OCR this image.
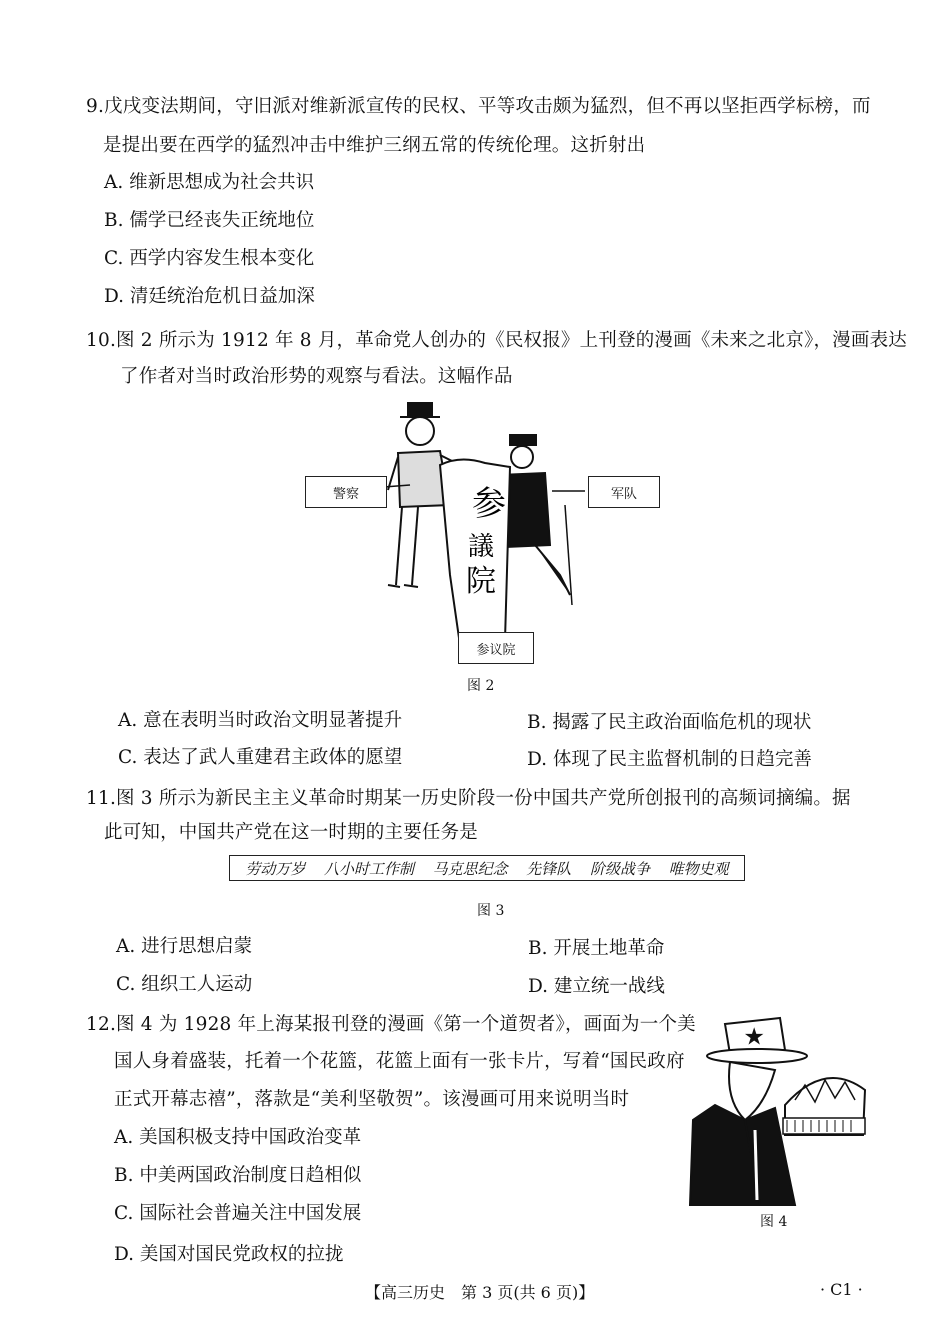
9.戊戌变法期间，守旧派对维新派宣传的民权、平等攻击颇为猛烈，但不再以坚拒西学标榜，而
是提出要在西学的猛烈冲击中维护三纲五常的传统伦理。这折射出
A. 维新思想成为社会共识
B. 儒学已经丧失正统地位
C. 西学内容发生根本变化
D. 清廷统治危机日益加深
10.图 2 所示为 1912 年 8 月，革命党人创办的《民权报》上刊登的漫画《未来之北京》，漫画表达
了作者对当时政治形势的观察与看法。这幅作品
参
議
院
警察	军队
参议院
图 2
A. 意在表明当时政治文明显著提升	B. 揭露了民主政治面临危机的现状
C. 表达了武人重建君主政体的愿望	D. 体现了民主监督机制的日趋完善
11.图 3 所示为新民主主义革命时期某一历史阶段一份中国共产党所创报刊的高频词摘编。据
此可知，中国共产党在这一时期的主要任务是
劳动万岁 八小时工作制 马克思纪念 先锋队 阶级战争 唯物史观
图 3
A. 进行思想启蒙	B. 开展土地革命
C. 组织工人运动	D. 建立统一战线
12.图 4 为 1928 年上海某报刊登的漫画《第一个道贺者》，画面为一个美
国人身着盛装，托着一个花篮，花篮上面有一张卡片，写着“国民政府
正式开幕志禧”，落款是“美利坚敬贺”。该漫画可用来说明当时
A. 美国积极支持中国政治变革
B. 中美两国政治制度日趋相似
C. 国际社会普遍关注中国发展
D. 美国对国民党政权的拉拢
★
图 4
【高三历史　第 3 页(共 6 页)】	· C1 ·
